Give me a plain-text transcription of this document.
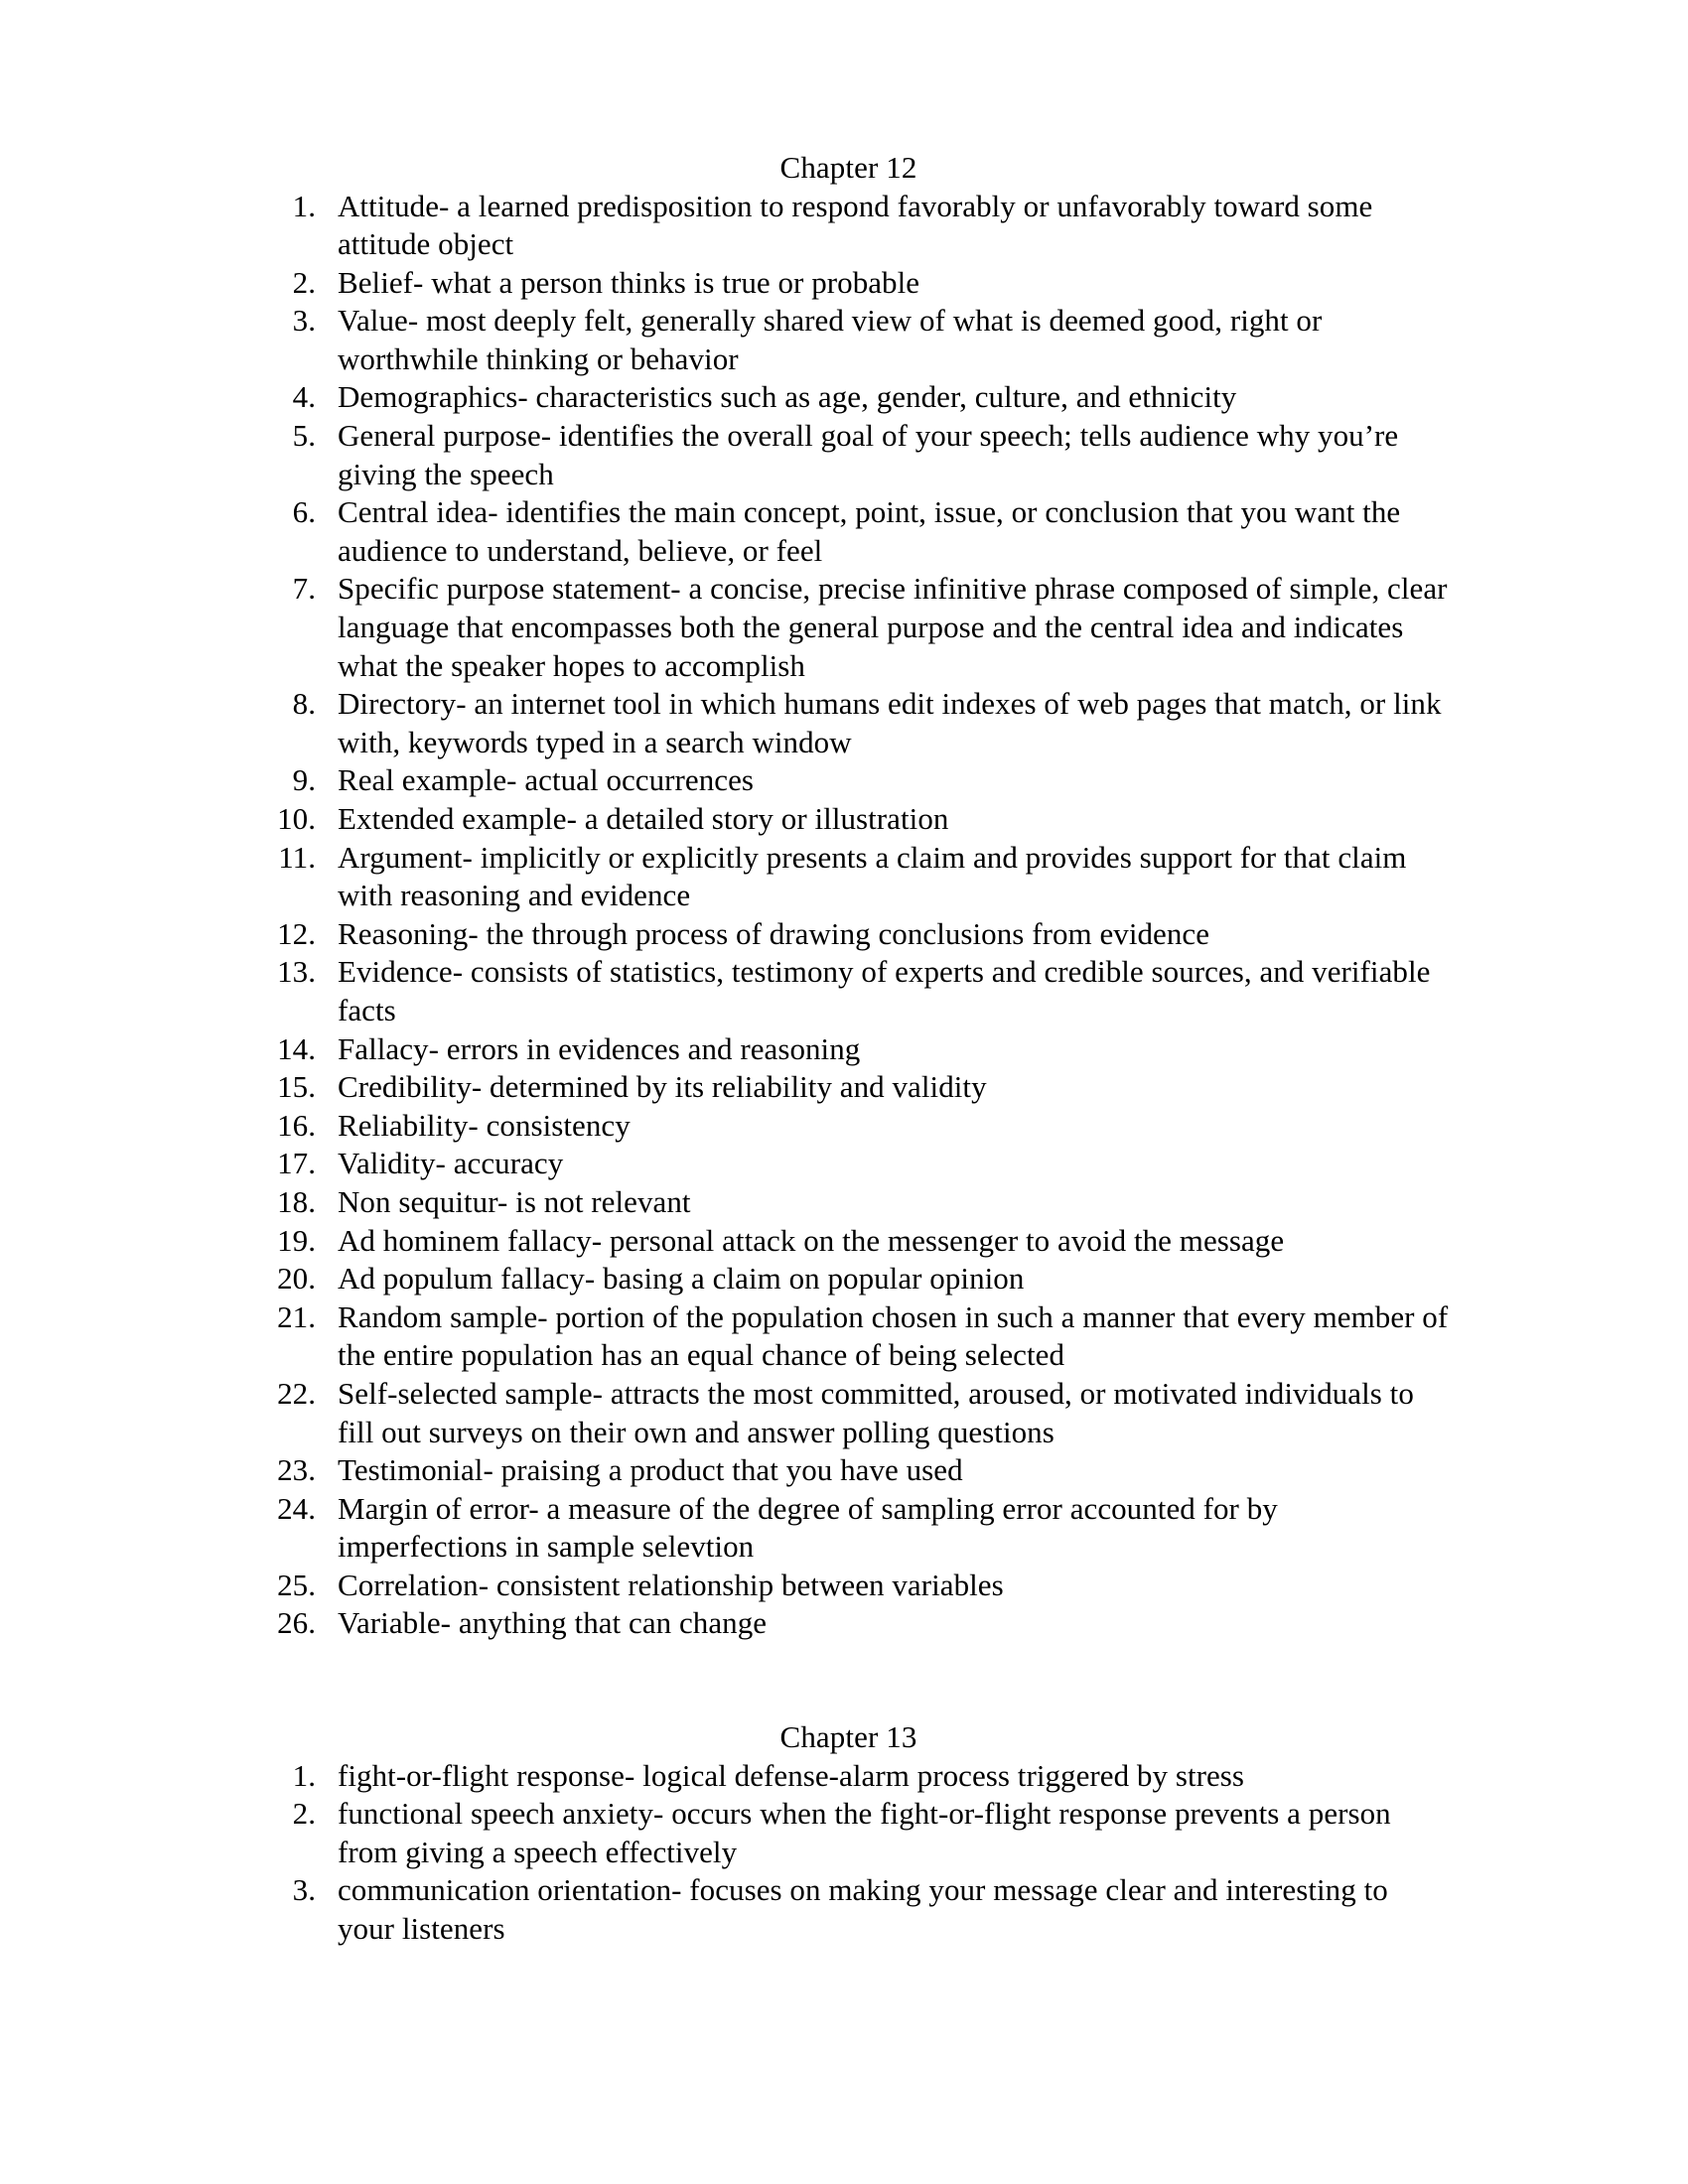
Chapter 12
1. Attitude- a learned predisposition to respond favorably or unfavorably toward some attitude object
2. Belief- what a person thinks is true or probable
3. Value- most deeply felt, generally shared view of what is deemed good, right or worthwhile thinking or behavior
4. Demographics- characteristics such as age, gender, culture, and ethnicity
5. General purpose- identifies the overall goal of your speech; tells audience why you’re giving the speech
6. Central idea- identifies the main concept, point, issue, or conclusion that you want the audience to understand, believe, or feel
7. Specific purpose statement- a concise, precise infinitive phrase composed of simple, clear language that encompasses both the general purpose and the central idea and indicates what the speaker hopes to accomplish
8. Directory- an internet tool in which humans edit indexes of web pages that match, or link with, keywords typed in a search window
9. Real example- actual occurrences
10. Extended example- a detailed story or illustration
11. Argument- implicitly or explicitly presents a claim and provides support for that claim with reasoning and evidence
12. Reasoning- the through process of drawing conclusions from evidence
13. Evidence- consists of statistics, testimony of experts and credible sources, and verifiable facts
14. Fallacy- errors in evidences and reasoning
15. Credibility- determined by its reliability and validity
16. Reliability- consistency
17. Validity- accuracy
18. Non sequitur- is not relevant
19. Ad hominem fallacy- personal attack on the messenger to avoid the message
20. Ad populum fallacy- basing a claim on popular opinion
21. Random sample- portion of the population chosen in such a manner that every member of the entire population has an equal chance of being selected
22. Self-selected sample- attracts the most committed, aroused, or motivated individuals to fill out surveys on their own and answer polling questions
23. Testimonial- praising a product that you have used
24. Margin of error- a measure of the degree of sampling error accounted for by imperfections in sample selevtion
25. Correlation- consistent relationship between variables
26. Variable- anything that can change
Chapter 13
1. fight-or-flight response- logical defense-alarm process triggered by stress
2. functional speech anxiety- occurs when the fight-or-flight response prevents a person from giving a speech effectively
3. communication orientation- focuses on making your message clear and interesting to your listeners
